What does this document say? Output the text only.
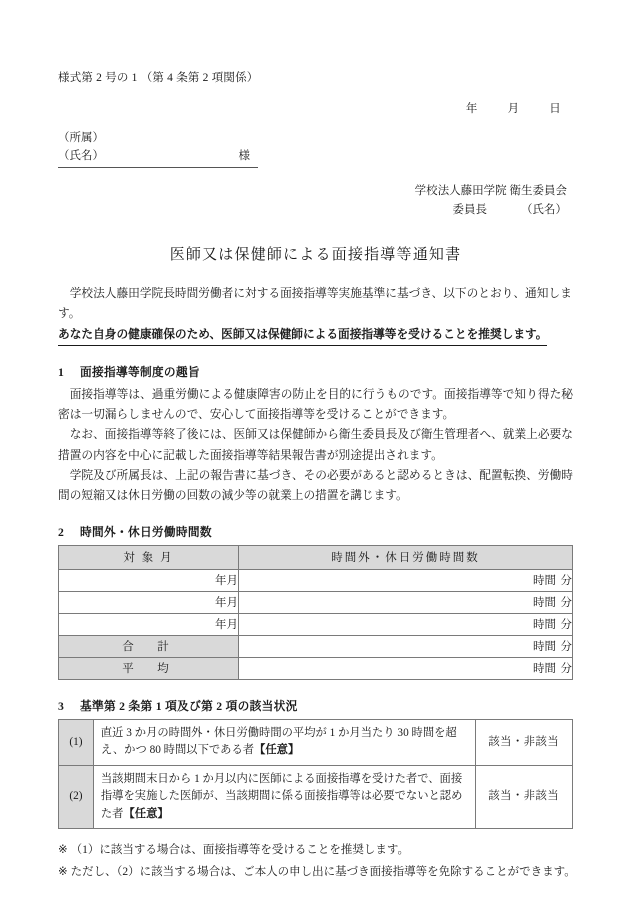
様式第 2 号の 1 （第 4 条第 2 項関係）
年	月	日
（所属）
（氏名）	様
学校法人藤田学院 衛生委員会
委員長	（氏名）
医師又は保健師による面接指導等通知書
学校法人藤田学院長時間労働者に対する面接指導等実施基準に基づき、以下のとおり、通知します。
あなた自身の健康確保のため、医師又は保健師による面接指導等を受けることを推奨します。
1 面接指導等制度の趣旨

面接指導等は、過重労働による健康障害の防止を目的に行うものです。面接指導等で知り得た秘密は一切漏らしませんので、安心して面接指導等を受けることができます。

なお、面接指導等終了後には、医師又は保健師から衛生委員長及び衛生管理者へ、就業上必要な措置の内容を中心に記載した面接指導等結果報告書が別途提出されます。

学院及び所属長は、上記の報告書に基づき、その必要があると認めるときは、配置転換、労働時間の短縮又は休日労働の回数の減少等の就業上の措置を講じます。

2 時間外・休日労働時間数
対 象 月	時間外・休日労働時間数
年月	時間 分
年月	時間 分
年月	時間 分
合　計	時間 分
平　均	時間 分
3 基準第 2 条第 1 項及び第 2 項の該当状況
(1)	直近 3 か月の時間外・休日労働時間の平均が 1 か月当たり 30 時間を超え、かつ 80 時間以下である者【任意】	該当・非該当
(2)	当該期間末日から 1 か月以内に医師による面接指導を受けた者で、面接指導を実施した医師が、当該期間に係る面接指導等は必要でないと認めた者【任意】	該当・非該当
※ （1）に該当する場合は、面接指導等を受けることを推奨します。
※ ただし、（2）に該当する場合は、ご本人の申し出に基づき面接指導等を免除することができます。
